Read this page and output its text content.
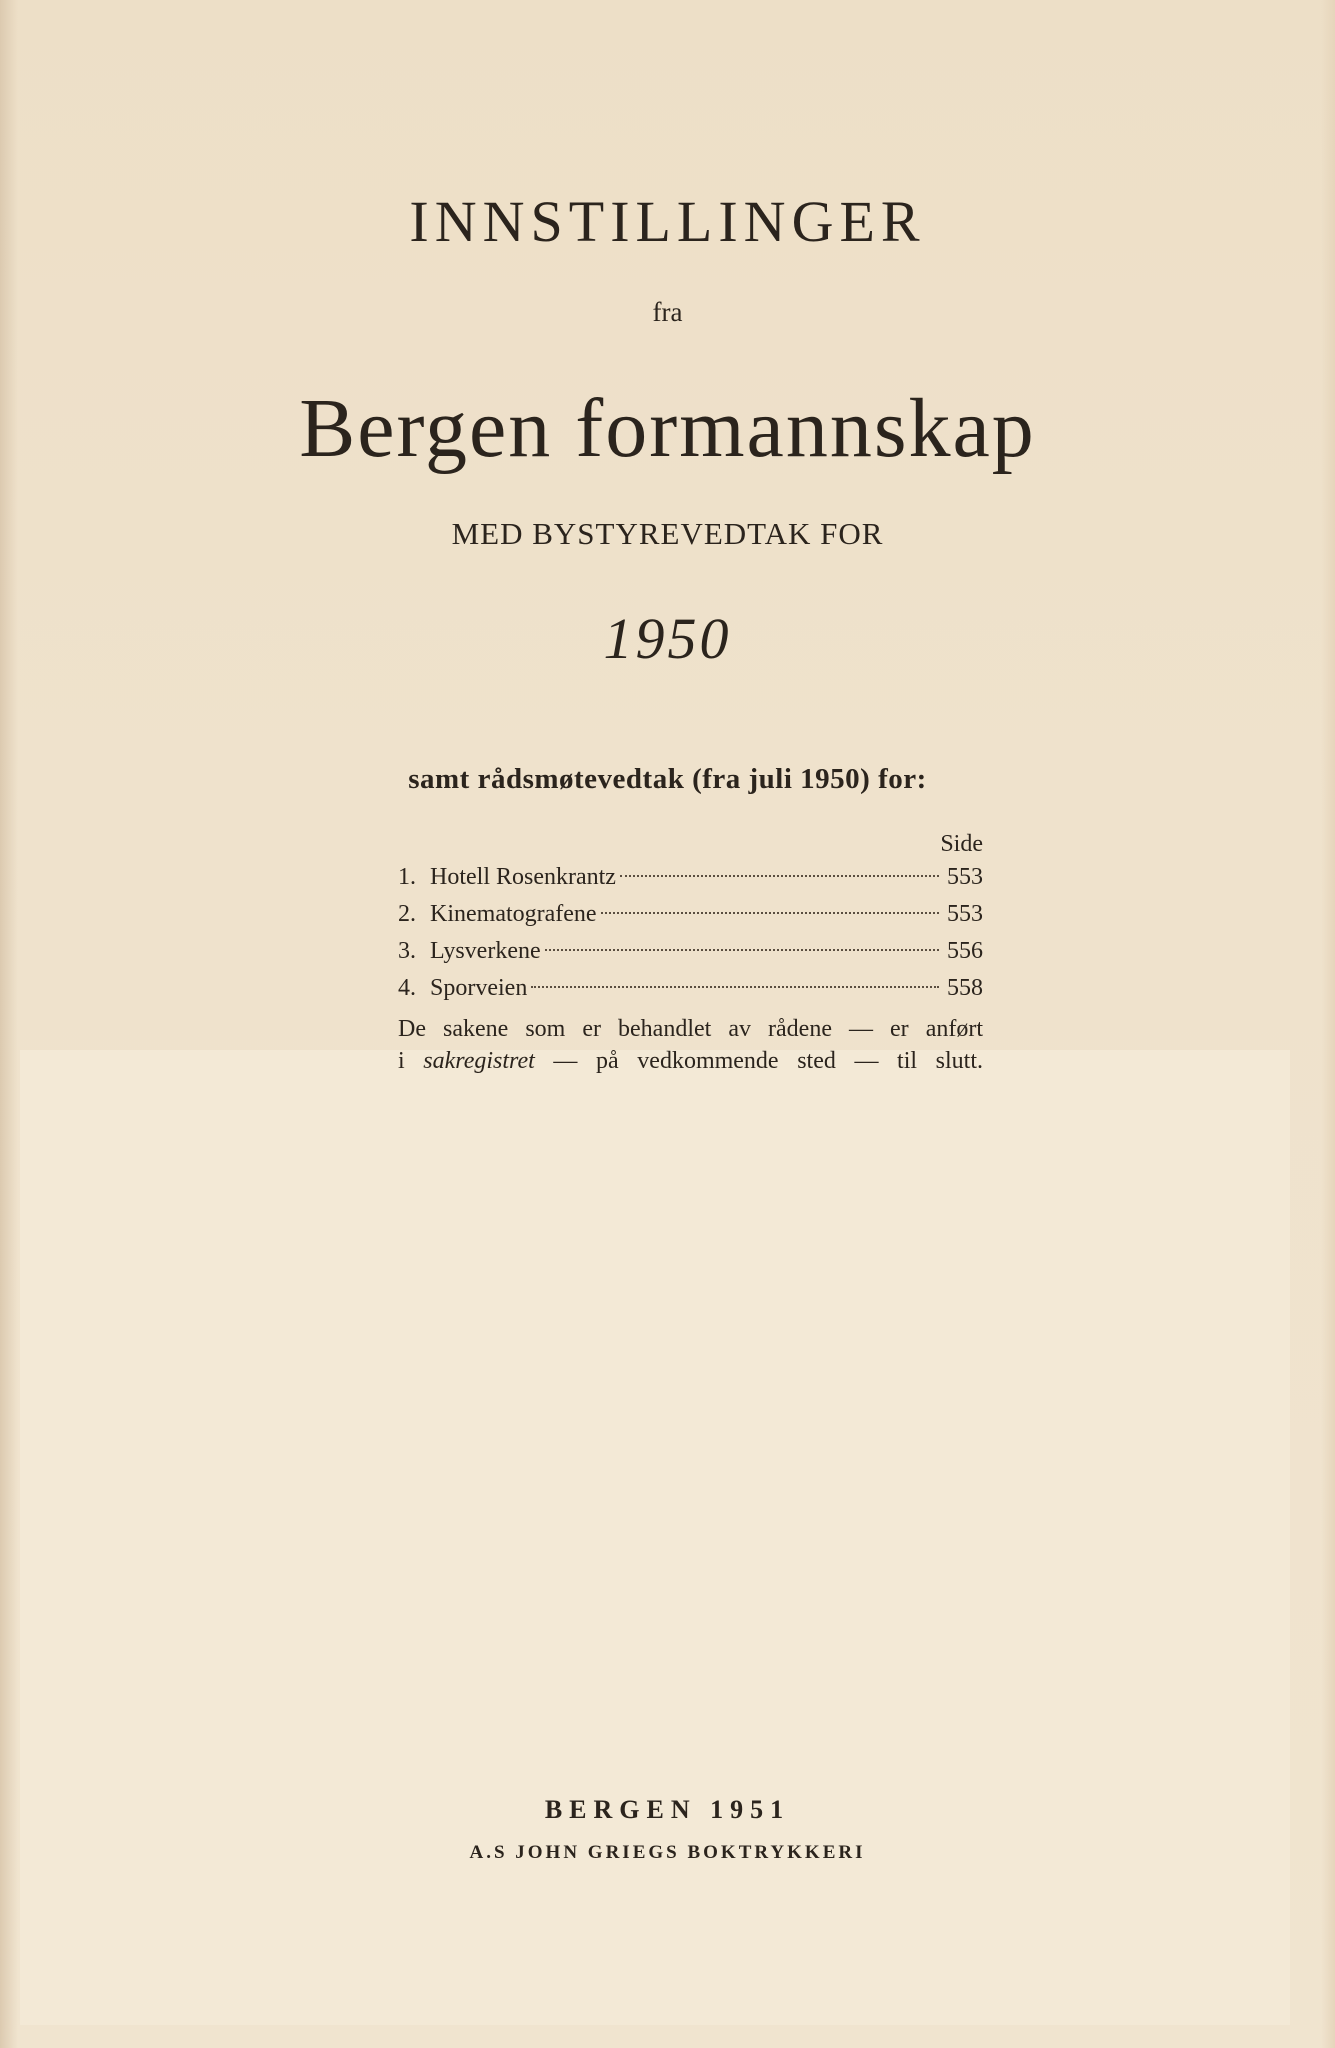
INNSTILLINGER
fra
Bergen formannskap
MED BYSTYREVEDTAK FOR
1950
samt rådsmøtevedtak (fra juli 1950) for:
Side
1. Hotell Rosenkrantz	553
2. Kinematografene	553
3. Lysverkene	556
4. Sporveien	558
De sakene som er behandlet av rådene — er anført
i sakregistret — på vedkommende sted — til slutt.
BERGEN 1951
A.S JOHN GRIEGS BOKTRYKKERI
